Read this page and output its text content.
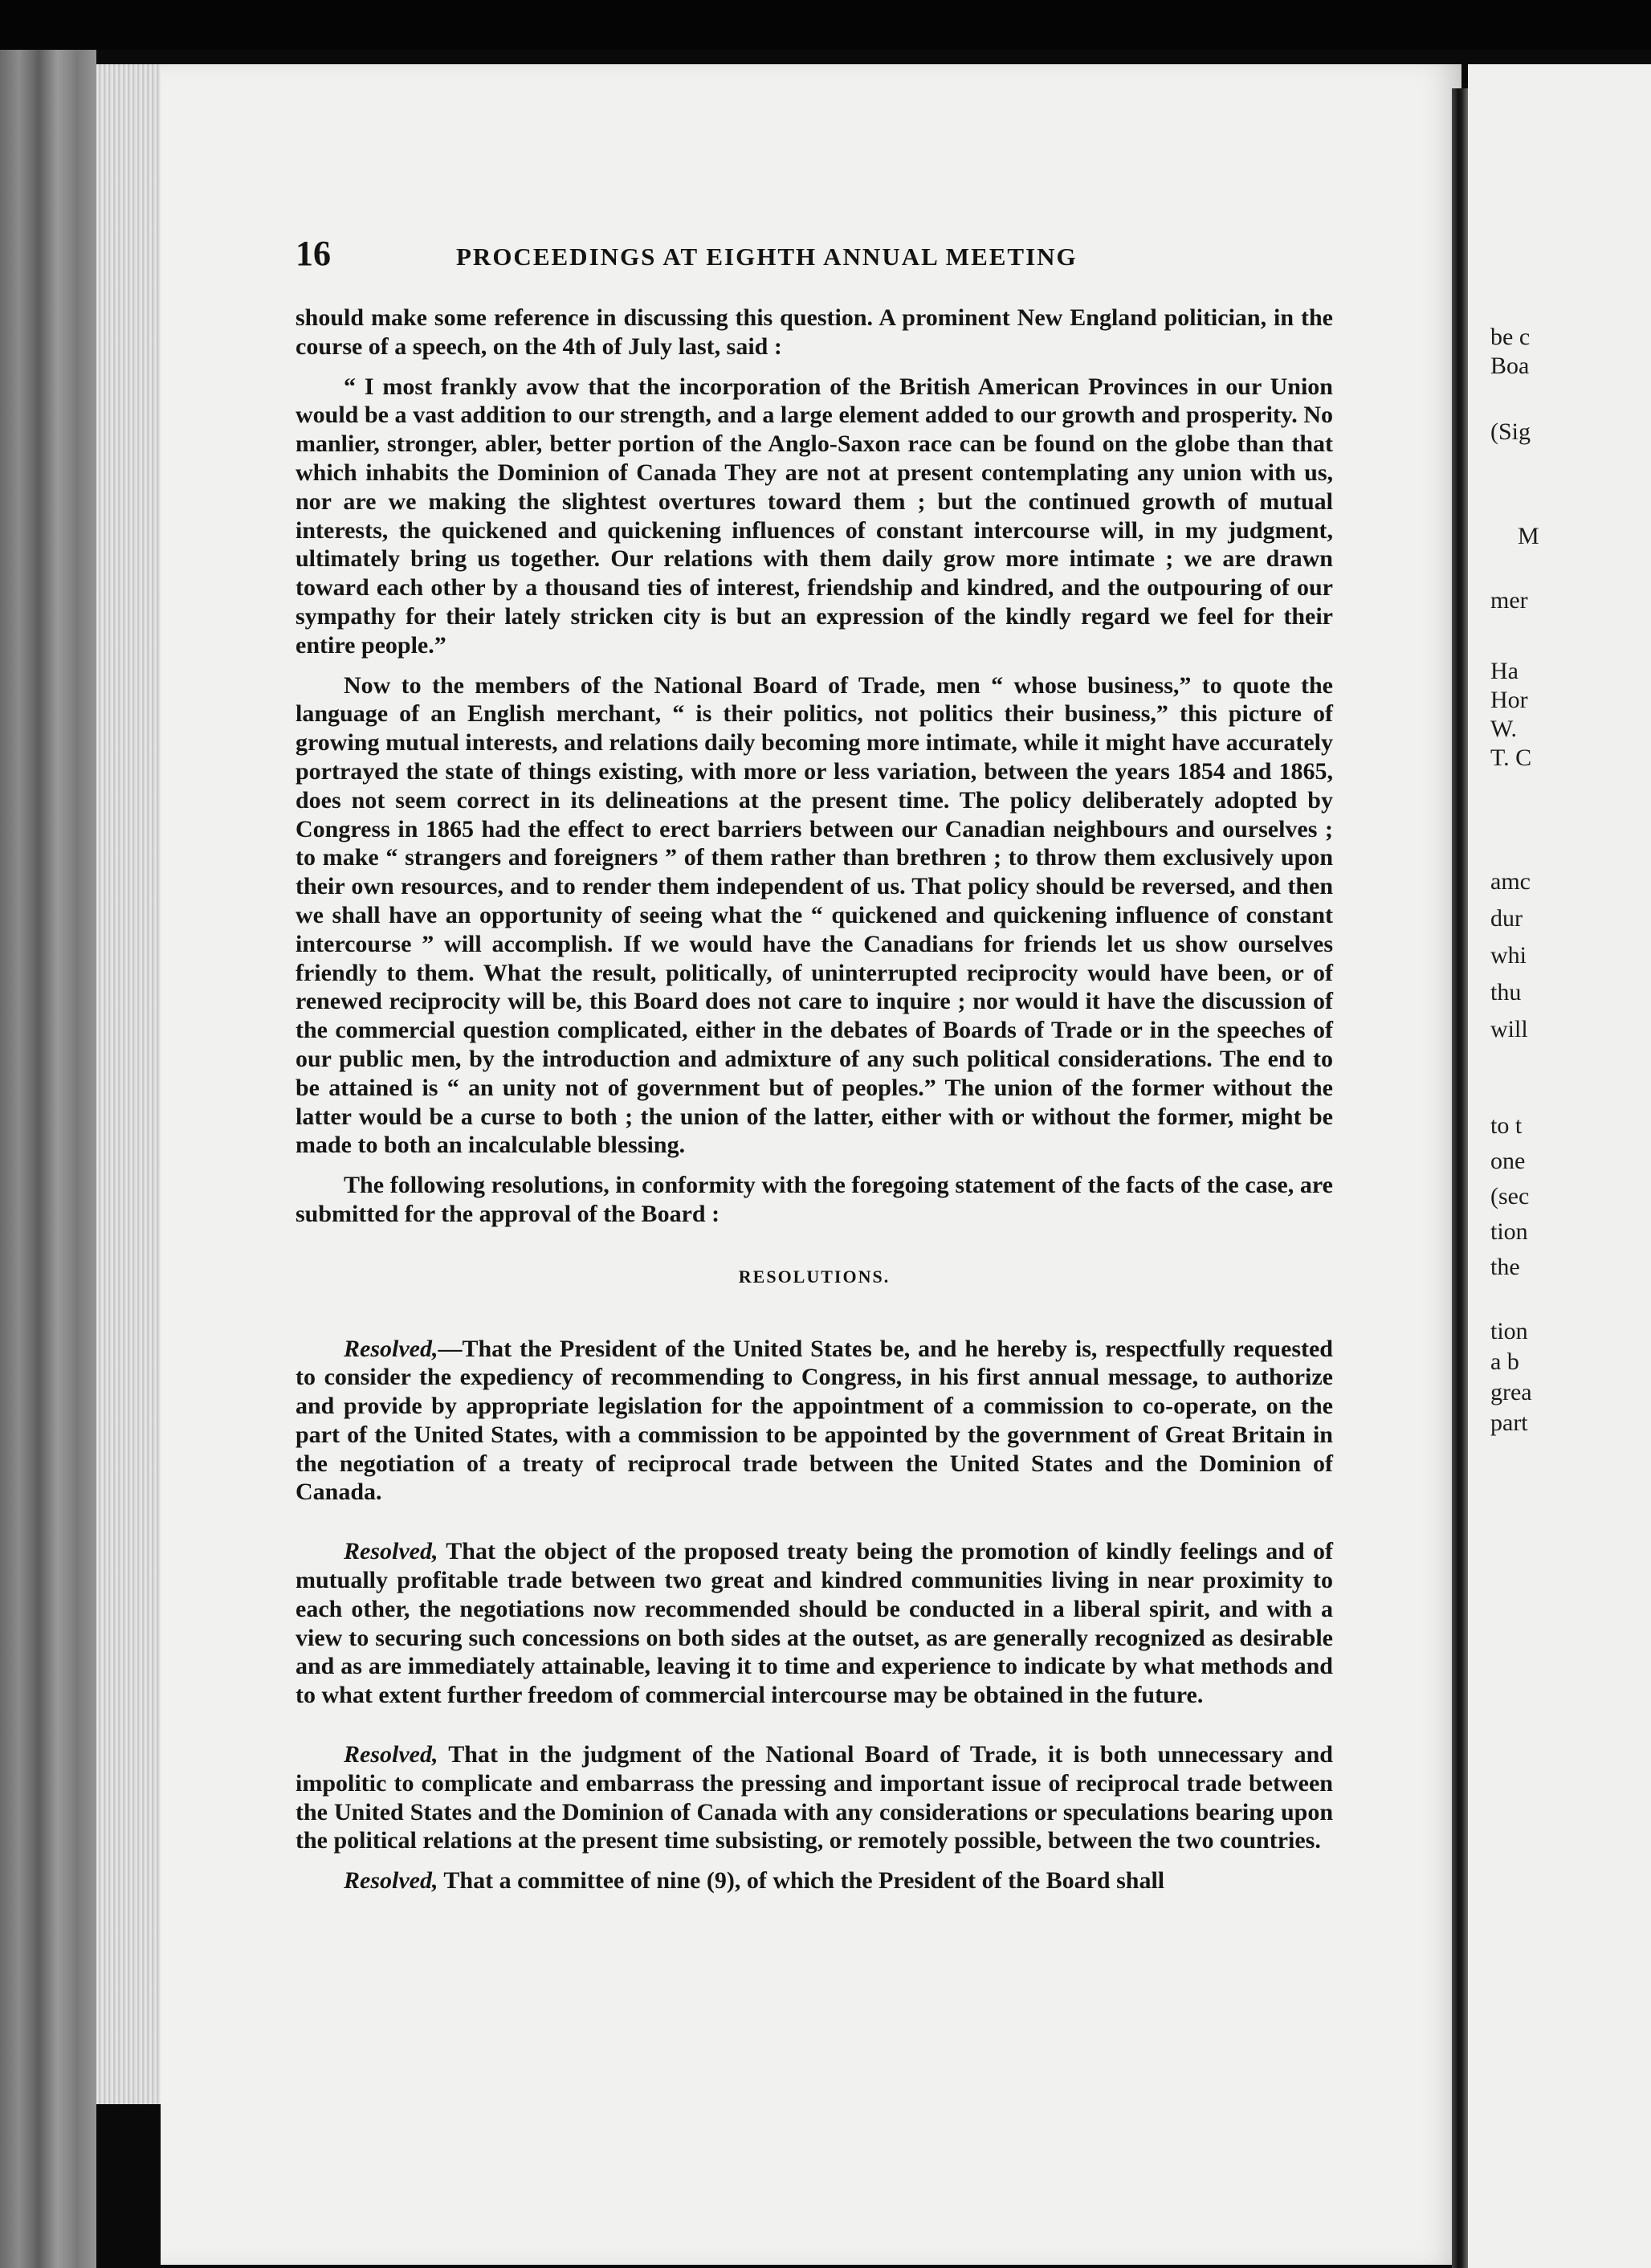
16	PROCEEDINGS AT EIGHTH ANNUAL MEETING

should make some reference in discussing this question. A prominent New England politician, in the course of a speech, on the 4th of July last, said :

“ I most frankly avow that the incorporation of the British American Provinces in our Union would be a vast addition to our strength, and a large element added to our growth and prosperity. No manlier, stronger, abler, better portion of the Anglo-Saxon race can be found on the globe than that which inhabits the Dominion of Canada They are not at present contemplating any union with us, nor are we making the slightest overtures toward them ; but the continued growth of mutual interests, the quickened and quickening influences of constant intercourse will, in my judgment, ultimately bring us together. Our relations with them daily grow more intimate ; we are drawn toward each other by a thousand ties of interest, friendship and kindred, and the outpouring of our sympathy for their lately stricken city is but an expression of the kindly regard we feel for their entire people.”

Now to the members of the National Board of Trade, men “ whose business,” to quote the language of an English merchant, “ is their politics, not politics their business,” this picture of growing mutual interests, and relations daily becoming more intimate, while it might have accurately portrayed the state of things existing, with more or less variation, between the years 1854 and 1865, does not seem correct in its delineations at the present time. The policy deliberately adopted by Congress in 1865 had the effect to erect barriers between our Canadian neighbours and ourselves ; to make “ strangers and foreigners ” of them rather than brethren ; to throw them exclusively upon their own resources, and to render them independent of us. That policy should be reversed, and then we shall have an opportunity of seeing what the “ quickened and quickening influence of constant intercourse ” will accomplish. If we would have the Canadians for friends let us show ourselves friendly to them. What the result, politically, of uninterrupted reciprocity would have been, or of renewed reciprocity will be, this Board does not care to inquire ; nor would it have the discussion of the commercial question complicated, either in the debates of Boards of Trade or in the speeches of our public men, by the introduction and admixture of any such political considerations. The end to be attained is “ an unity not of government but of peoples.” The union of the former without the latter would be a curse to both ; the union of the latter, either with or without the former, might be made to both an incalculable blessing.

The following resolutions, in conformity with the foregoing statement of the facts of the case, are submitted for the approval of the Board :

RESOLUTIONS.

Resolved,—That the President of the United States be, and he hereby is, respectfully requested to consider the expediency of recommending to Congress, in his first annual message, to authorize and provide by appropriate legislation for the appointment of a commission to co-operate, on the part of the United States, with a commission to be appointed by the government of Great Britain in the negotiation of a treaty of reciprocal trade between the United States and the Dominion of Canada.

Resolved, That the object of the proposed treaty being the promotion of kindly feelings and of mutually profitable trade between two great and kindred communities living in near proximity to each other, the negotiations now recommended should be conducted in a liberal spirit, and with a view to securing such concessions on both sides at the outset, as are generally recognized as desirable and as are immediately attainable, leaving it to time and experience to indicate by what methods and to what extent further freedom of commercial intercourse may be obtained in the future.

Resolved, That in the judgment of the National Board of Trade, it is both unnecessary and impolitic to complicate and embarrass the pressing and important issue of reciprocal trade between the United States and the Dominion of Canada with any considerations or speculations bearing upon the political relations at the present time subsisting, or remotely possible, between the two countries.

Resolved, That a committee of nine (9), of which the President of the Board shall

be c
Boa
(Sig
M
mer
Ha
Hor
W.
T. C
amc
dur
whi
thu
will
to t
one
(sec
tion
the
tion
a b
grea
part
